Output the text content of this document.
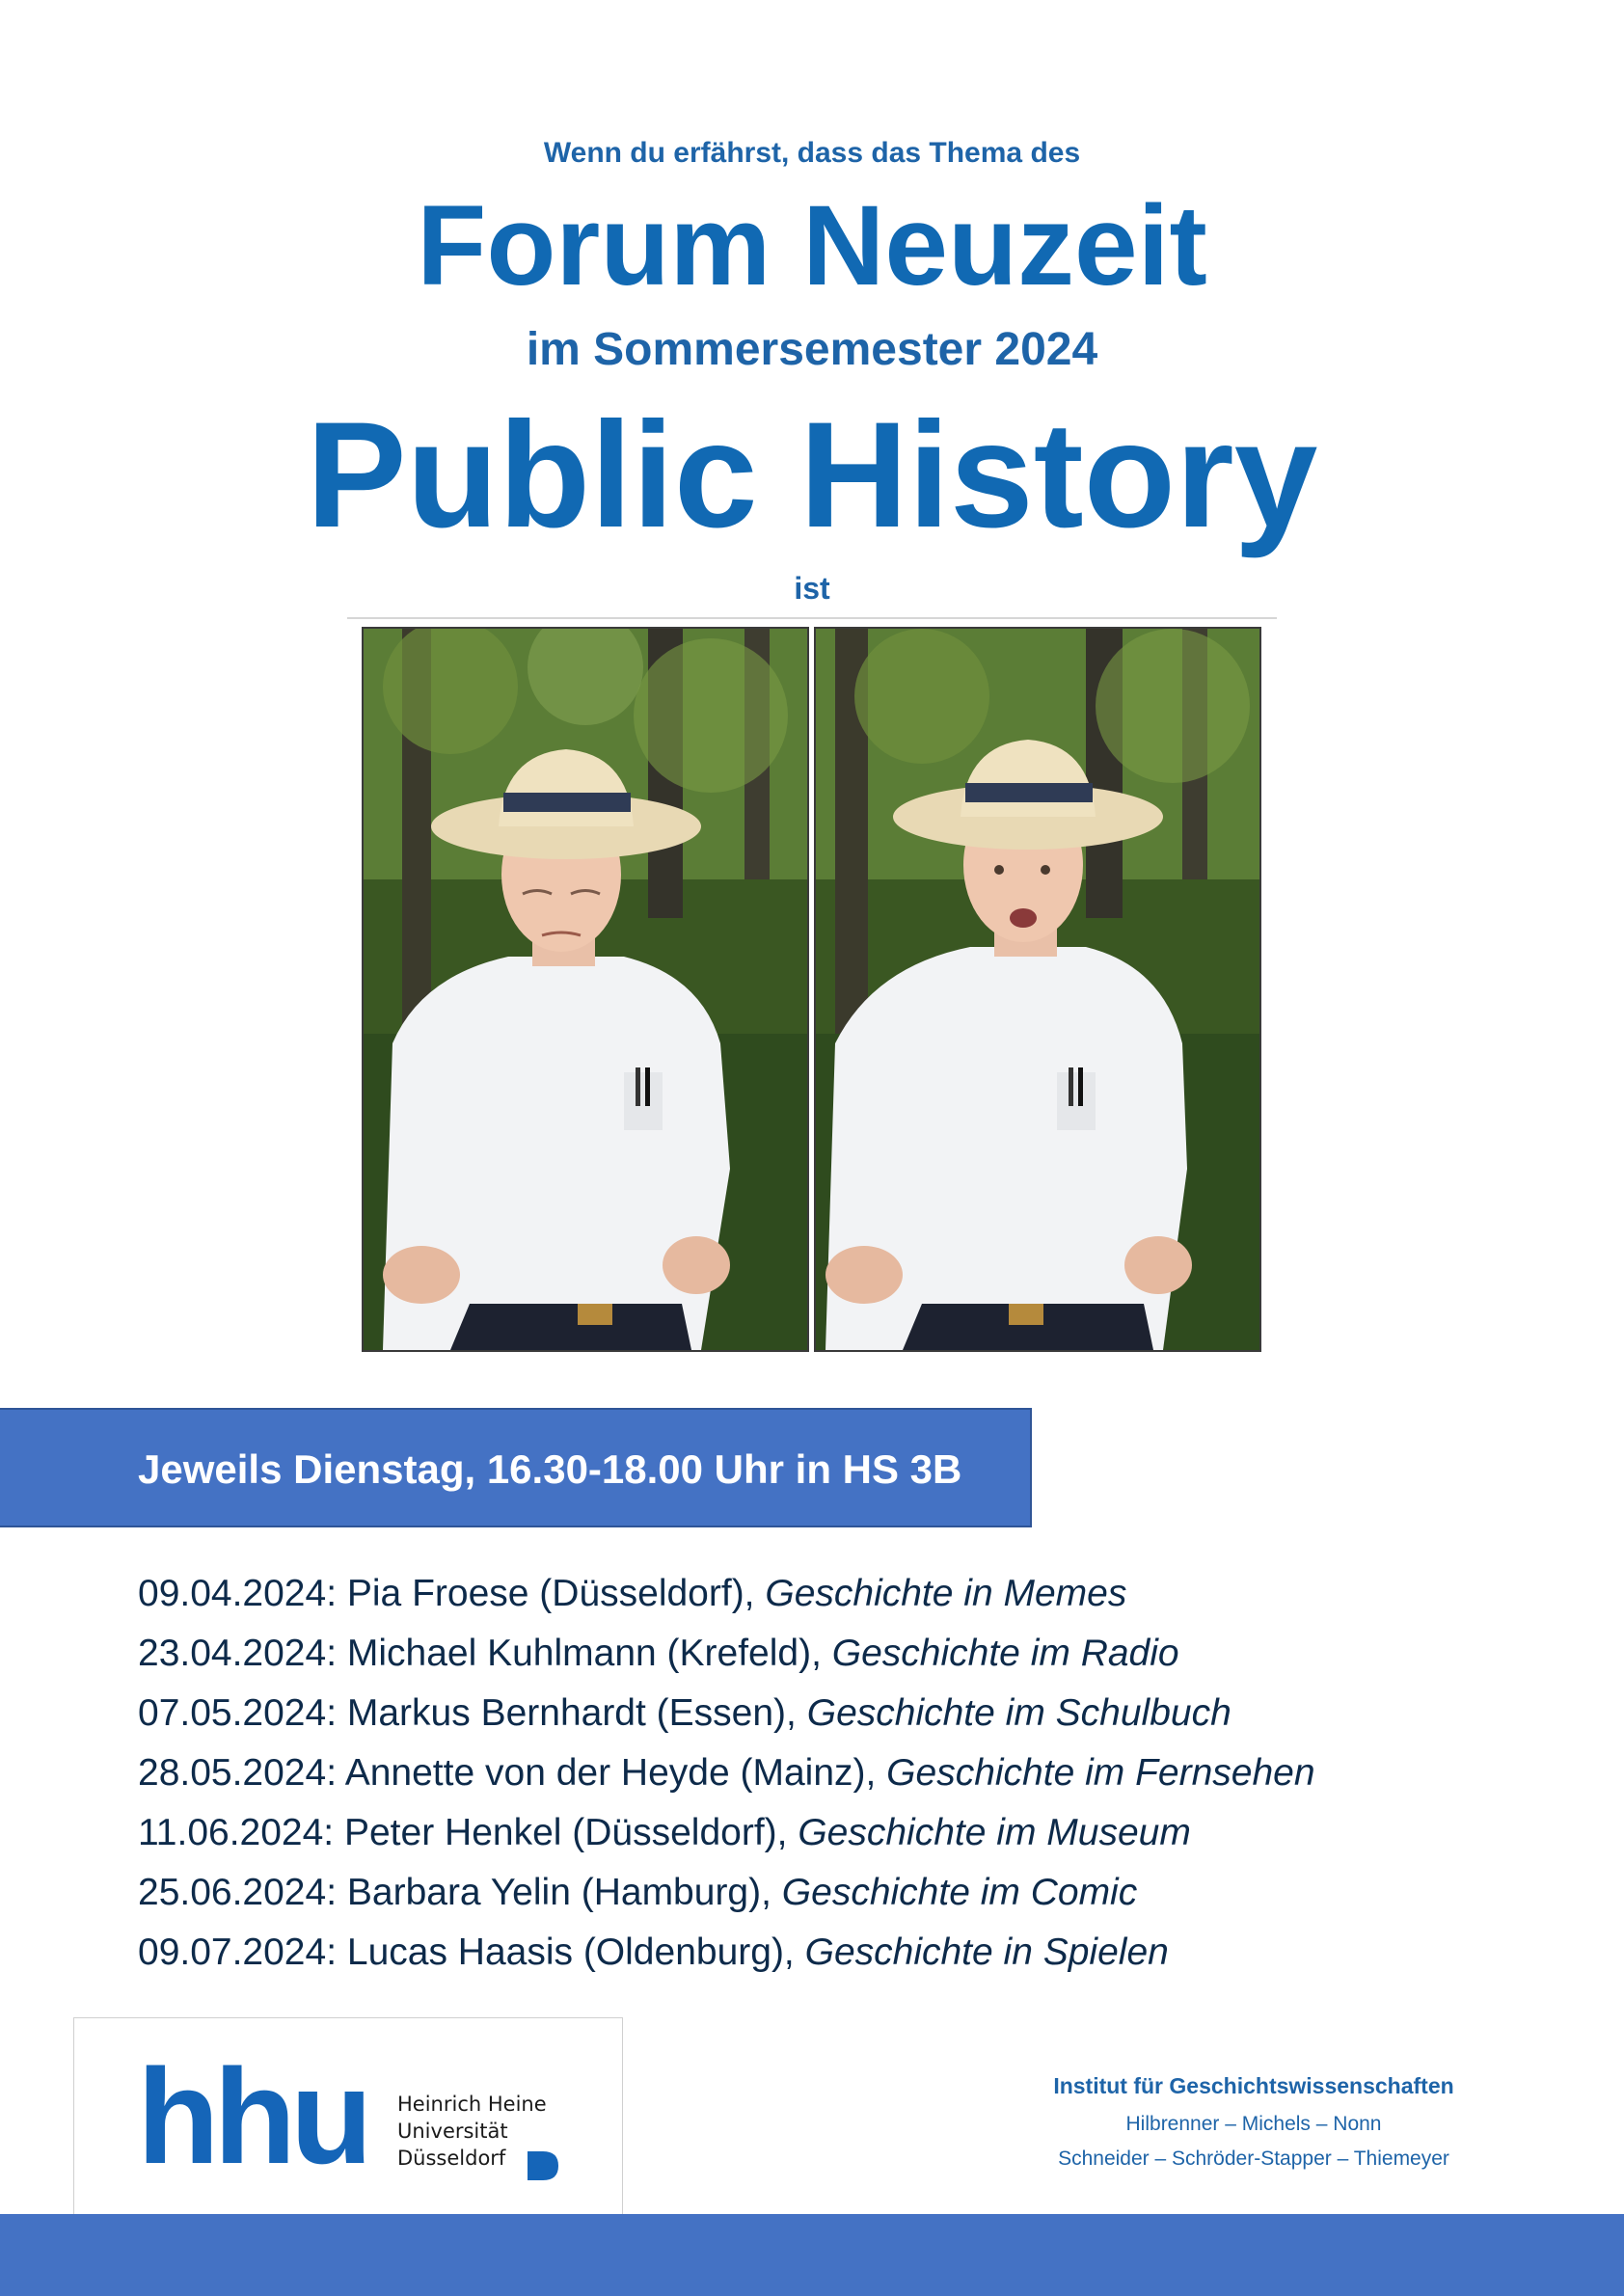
Wenn du erfährst, dass das Thema des
Forum Neuzeit
im Sommersemester 2024
Public History
ist
Jeweils Dienstag, 16.30-18.00 Uhr in HS 3B
09.04.2024: Pia Froese (Düsseldorf), Geschichte in Memes
23.04.2024: Michael Kuhlmann (Krefeld), Geschichte im Radio
07.05.2024: Markus Bernhardt (Essen), Geschichte im Schulbuch
28.05.2024: Annette von der Heyde (Mainz), Geschichte im Fernsehen
11.06.2024: Peter Henkel (Düsseldorf), Geschichte im Museum
25.06.2024: Barbara Yelin (Hamburg), Geschichte im Comic
09.07.2024: Lucas Haasis (Oldenburg), Geschichte in Spielen
hhu Heinrich Heine
Universität
Düsseldorf
Institut für Geschichtswissenschaften
Hilbrenner – Michels – Nonn
Schneider – Schröder-Stapper – Thiemeyer
